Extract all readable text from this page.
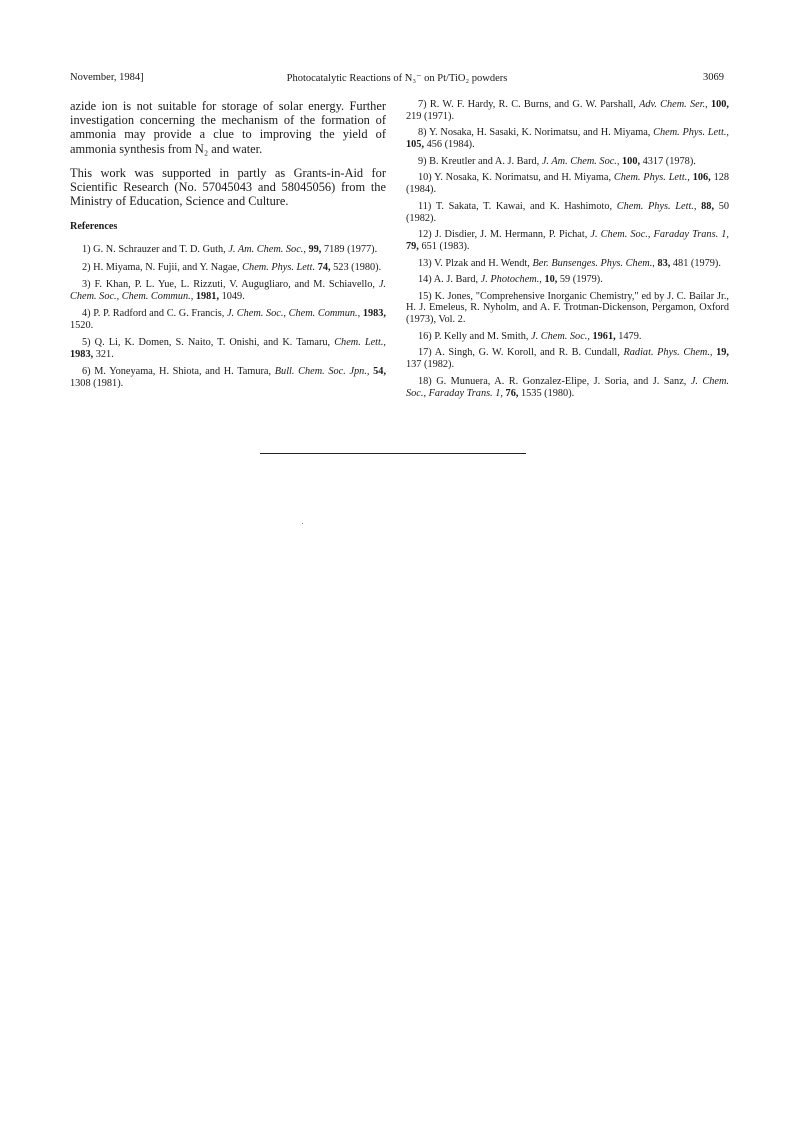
November, 1984]	Photocatalytic Reactions of N₃⁻ on Pt/TiO₂ powders	3069

azide ion is not suitable for storage of solar energy. Further investigation concerning the mechanism of the formation of ammonia may provide a clue to improving the yield of ammonia synthesis from N₂ and water.

This work was supported in partly as Grants-in-Aid for Scientific Research (No. 57045043 and 58045056) from the Ministry of Education, Science and Culture.

References

1) G. N. Schrauzer and T. D. Guth, J. Am. Chem. Soc., 99, 7189 (1977).

2) H. Miyama, N. Fujii, and Y. Nagae, Chem. Phys. Lett. 74, 523 (1980).

3) F. Khan, P. L. Yue, L. Rizzuti, V. Augugliaro, and M. Schiavello, J. Chem. Soc., Chem. Commun., 1981, 1049.

4) P. P. Radford and C. G. Francis, J. Chem. Soc., Chem. Commun., 1983, 1520.

5) Q. Li, K. Domen, S. Naito, T. Onishi, and K. Tamaru, Chem. Lett., 1983, 321.

6) M. Yoneyama, H. Shiota, and H. Tamura, Bull. Chem. Soc. Jpn., 54, 1308 (1981).

7) R. W. F. Hardy, R. C. Burns, and G. W. Parshall, Adv. Chem. Ser., 100, 219 (1971).

8) Y. Nosaka, H. Sasaki, K. Norimatsu, and H. Miyama, Chem. Phys. Lett., 105, 456 (1984).

9) B. Kreutler and A. J. Bard, J. Am. Chem. Soc., 100, 4317 (1978).

10) Y. Nosaka, K. Norimatsu, and H. Miyama, Chem. Phys. Lett., 106, 128 (1984).

11) T. Sakata, T. Kawai, and K. Hashimoto, Chem. Phys. Lett., 88, 50 (1982).

12) J. Disdier, J. M. Hermann, P. Pichat, J. Chem. Soc., Faraday Trans. 1, 79, 651 (1983).

13) V. Plzak and H. Wendt, Ber. Bunsenges. Phys. Chem., 83, 481 (1979).

14) A. J. Bard, J. Photochem., 10, 59 (1979).

15) K. Jones, "Comprehensive Inorganic Chemistry," ed by J. C. Bailar Jr., H. J. Emeleus, R. Nyholm, and A. F. Trotman-Dickenson, Pergamon, Oxford (1973), Vol. 2.

16) P. Kelly and M. Smith, J. Chem. Soc., 1961, 1479.

17) A. Singh, G. W. Koroll, and R. B. Cundall, Radiat. Phys. Chem., 19, 137 (1982).

18) G. Munuera, A. R. Gonzalez-Elipe, J. Soria, and J. Sanz, J. Chem. Soc., Faraday Trans. 1, 76, 1535 (1980).
